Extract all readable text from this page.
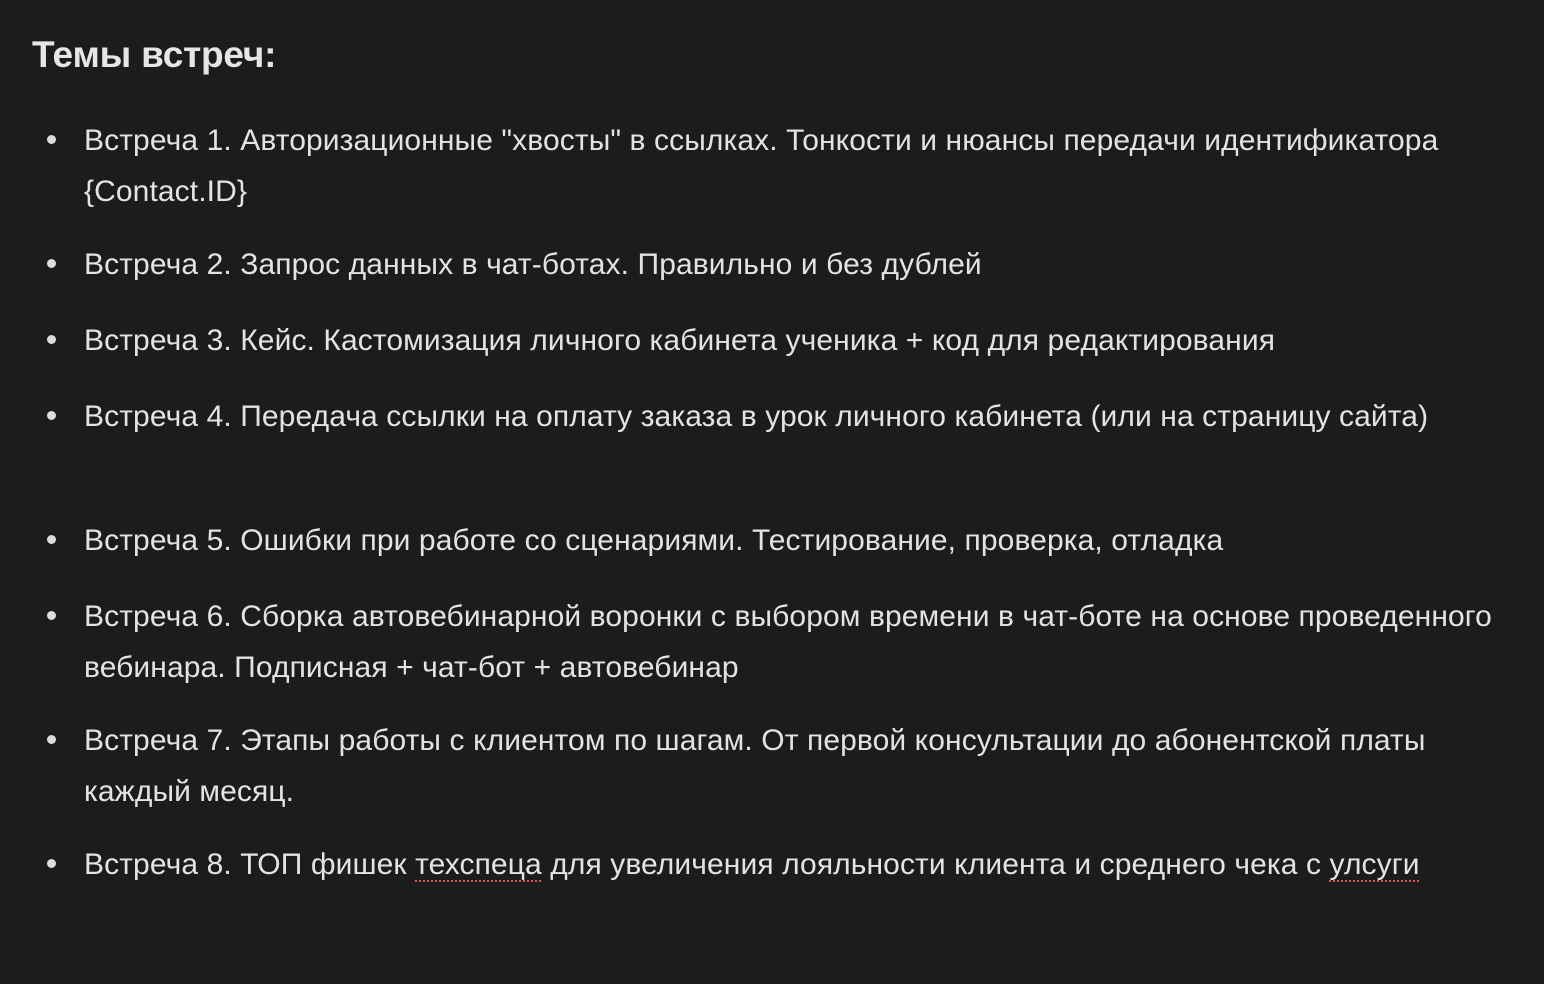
Темы встреч:
Встреча 1. Авторизационные "хвосты" в ссылках. Тонкости и нюансы передачи идентификатора {Contact.ID}
Встреча 2. Запрос данных в чат-ботах. Правильно и без дублей
Встреча 3. Кейс. Кастомизация личного кабинета ученика + код для редактирования
Встреча 4. Передача ссылки на оплату заказа в урок личного кабинета (или на страницу сайта)
Встреча 5. Ошибки при работе со сценариями. Тестирование, проверка, отладка
Встреча 6. Сборка автовебинарной воронки с выбором времени в чат-боте на основе проведенного вебинара. Подписная + чат-бот + автовебинар
Встреча 7. Этапы работы с клиентом по шагам. От первой консультации до абонентской платы каждый месяц.
Встреча 8. ТОП фишек техспеца для увеличения лояльности клиента и среднего чека с улсуги
